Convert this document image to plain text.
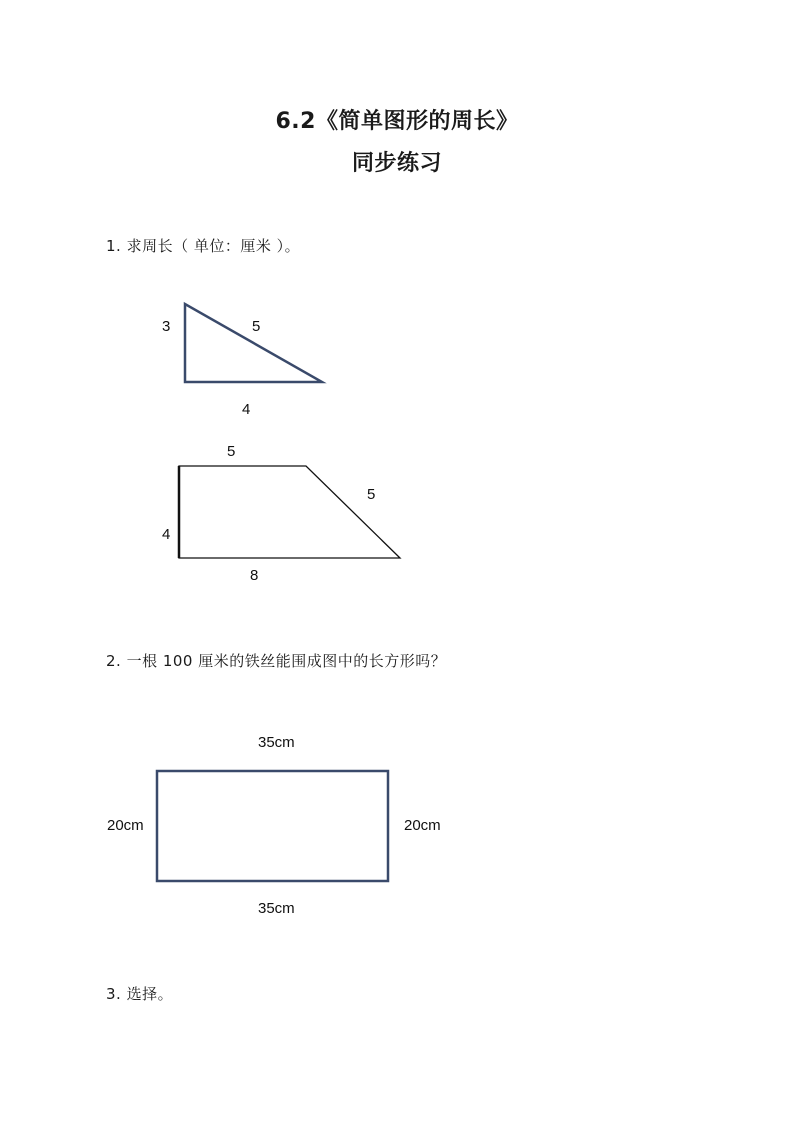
6.2《简单图形的周长》
同步练习
1. 求周长（ 单位：厘米 ）。
3	5
4
5
5
4
8
2. 一根 100 厘米的铁丝能围成图中的长方形吗？
35cm
20cm	20cm
35cm
3. 选择。
